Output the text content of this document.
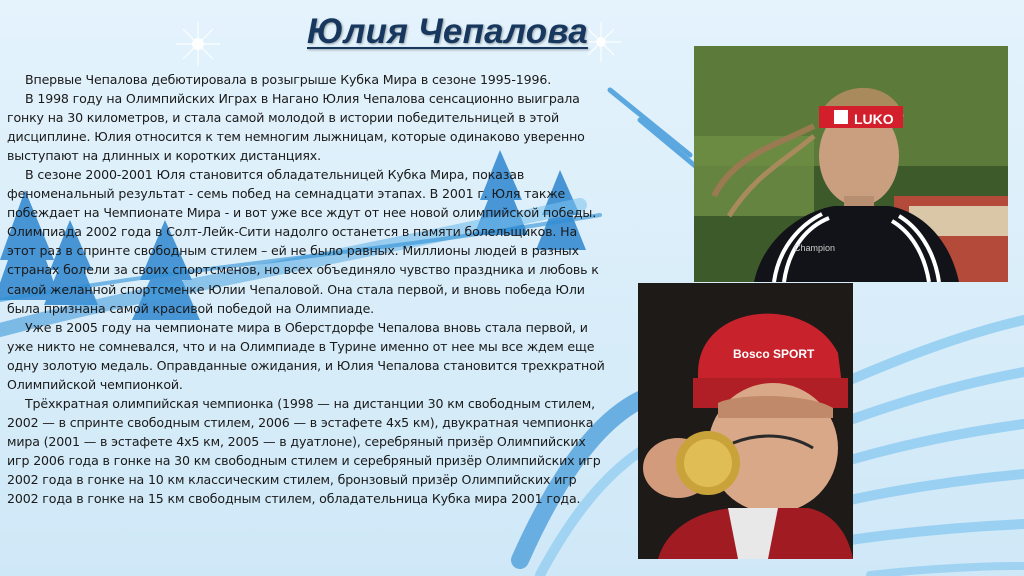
Юлия Чепалова

Впервые Чепалова дебютировала в розыгрыше Кубка Мира в сезоне 1995-1996.

В 1998 году на Олимпийских Играх в Нагано Юлия Чепалова сенсационно выиграла гонку на 30 километров, и стала самой молодой в истории победительницей в этой дисциплине. Юлия относится к тем немногим лыжницам, которые одинаково уверенно выступают на длинных и коротких дистанциях.

В сезоне 2000-2001 Юля становится обладательницей Кубка Мира, показав феноменальный результат - семь побед на семнадцати этапах. В 2001 г. Юля также побеждает на Чемпионате Мира - и вот уже все ждут от нее новой олимпийской победы. Олимпиада 2002 года в Солт-Лейк-Сити надолго останется в памяти болельщиков. На этот раз в спринте свободным стилем – ей не было равных. Миллионы людей в разных странах болели за своих спортсменов, но всех объединяло чувство праздника и любовь к самой желанной спортсменке Юлии Чепаловой. Она стала первой, и вновь победа Юли была признана самой красивой победой на Олимпиаде.

Уже в 2005 году на чемпионате мира в Оберстдорфе Чепалова вновь стала первой, и уже никто не сомневался, что и на Олимпиаде в Турине именно от нее мы все ждем еще одну золотую медаль. Оправданные ожидания, и Юлия Чепалова становится трехкратной Олимпийской чемпионкой.

Трёхкратная олимпийская чемпионка (1998 — на дистанции 30 км свободным стилем, 2002 — в спринте свободным стилем, 2006 — в эстафете 4х5 км), двукратная чемпионка мира (2001 — в эстафете 4х5 км, 2005 — в дуатлоне), серебряный призёр Олимпийских игр 2006 года в гонке на 30 км свободным стилем и серебряный призёр Олимпийских игр 2002 года в гонке на 10 км классическим стилем, бронзовый призёр Олимпийских игр 2002 года в гонке на 15 км свободным стилем, обладательница Кубка мира 2001 года.

LUKO
Champion
Bosco SPORT
